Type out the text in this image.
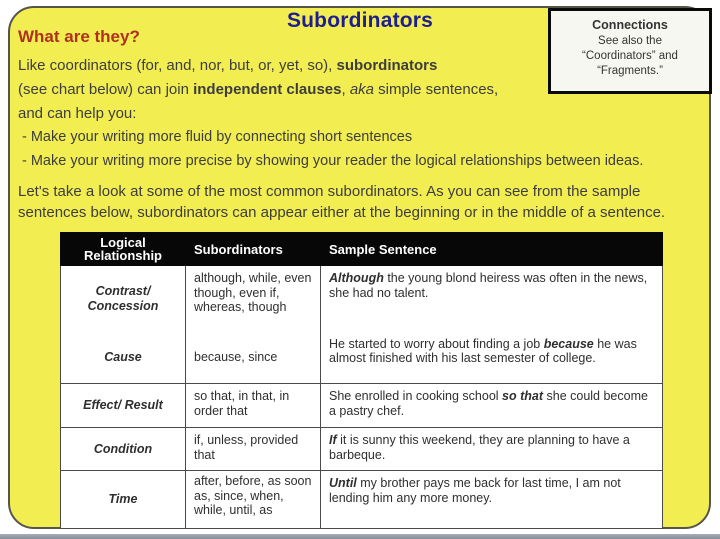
Subordinators	Connections
See also the
“Coordinators” and
“Fragments.”
What are they?
Like coordinators (for, and, nor, but, or, yet, so), subordinators
(see chart below) can join independent clauses, aka simple sentences,
and can help you:
- Make your writing more fluid by connecting short sentences
- Make your writing more precise by showing your reader the logical relationships between ideas.
Let's take a look at some of the most common subordinators. As you can see from the sample
sentences below, subordinators can appear either at the beginning or in the middle of a sentence.
Logical Relationship	Subordinators	Sample Sentence
Contrast/ Concession	although, while, even though, even if, whereas, though	Although the young blond heiress was often in the news, she had no talent.
Cause	because, since	He started to worry about finding a job because he was almost finished with his last semester of college.
Effect/ Result	so that, in that, in order that	She enrolled in cooking school so that she could become a pastry chef.
Condition	if, unless, provided that	If it is sunny this weekend, they are planning to have a barbeque.
Time	after, before, as soon as, since, when, while, until, as	Until my brother pays me back for last time, I am not lending him any more money.
